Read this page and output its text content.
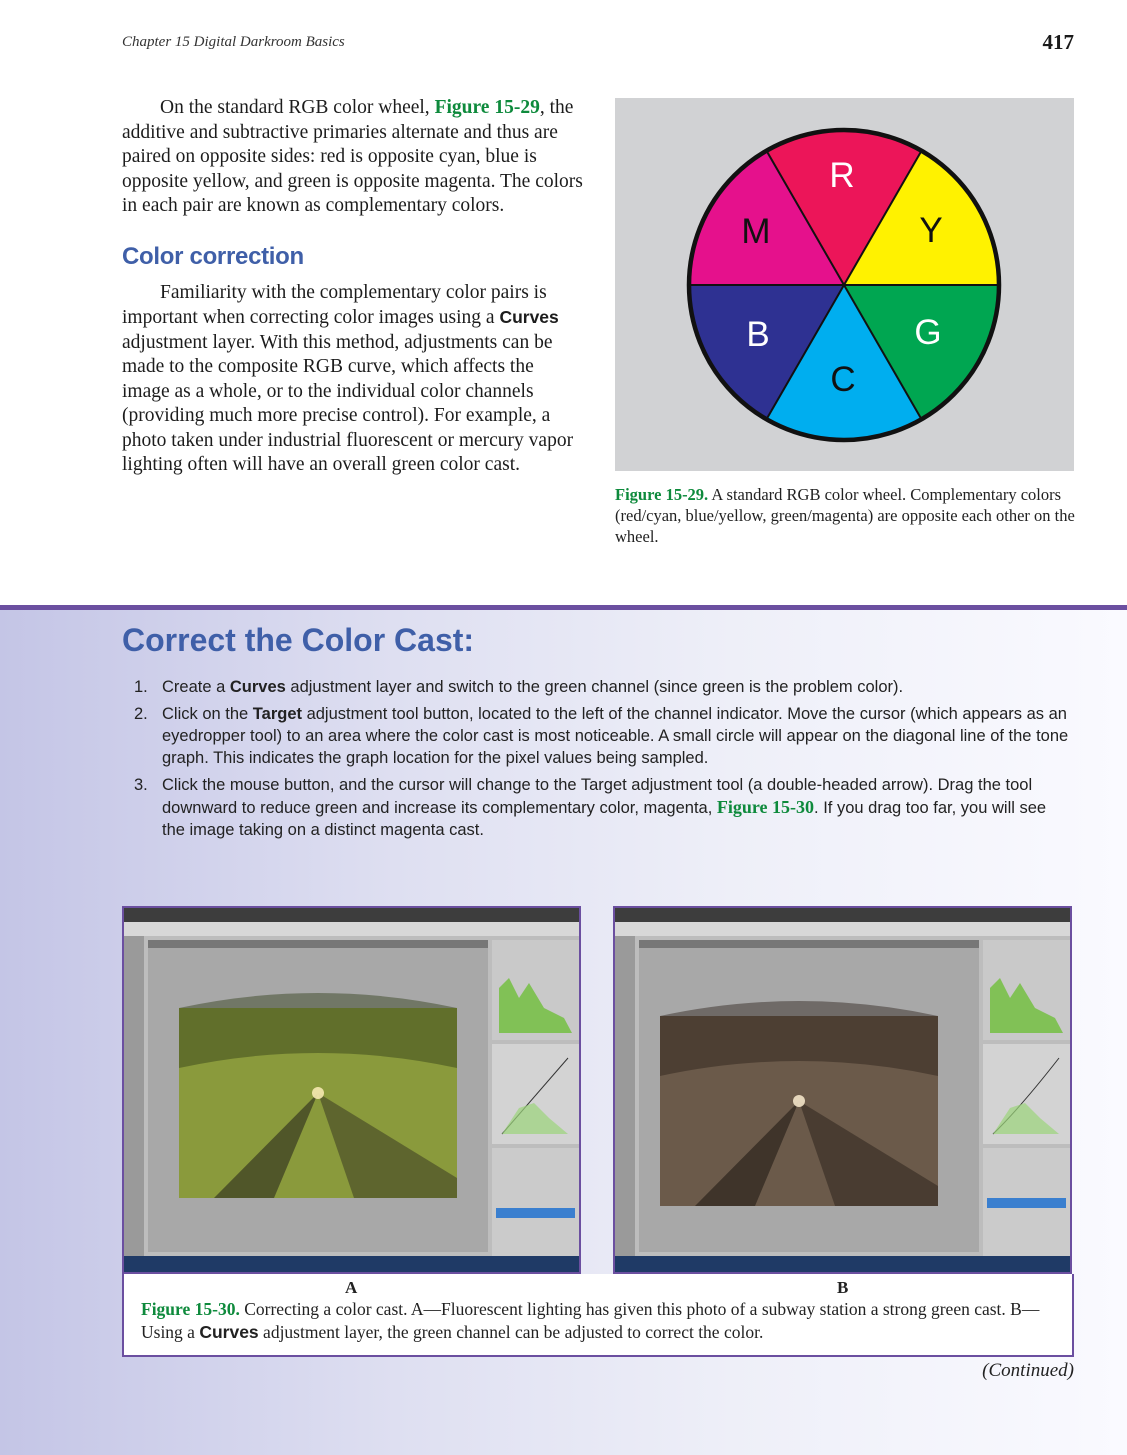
Chapter 15 Digital Darkroom Basics	417

On the standard RGB color wheel, Figure 15-29, the additive and subtractive primaries alternate and thus are paired on opposite sides: red is opposite cyan, blue is opposite yellow, and green is opposite magenta. The colors in each pair are known as complementary colors.

Color correction

Familiarity with the complementary color pairs is important when correcting color images using a Curves adjustment layer. With this method, adjustments can be made to the composite RGB curve, which affects the image as a whole, or to the individual color channels (providing much more precise control). For example, a photo taken under industrial fluorescent or mercury vapor lighting often will have an overall green color cast.

R
Y
G
C
B
M
Figure 15-29. A standard RGB color wheel. Complementary colors (red/cyan, blue/yellow, green/magenta) are opposite each other on the wheel.
Correct the Color Cast:
1. Create a Curves adjustment layer and switch to the green channel (since green is the problem color).
2. Click on the Target adjustment tool button, located to the left of the channel indicator. Move the cursor (which appears as an eyedropper tool) to an area where the color cast is most noticeable. A small circle will appear on the diagonal line of the tone graph. This indicates the graph location for the pixel values being sampled.
3. Click the mouse button, and the cursor will change to the Target adjustment tool (a double-headed arrow). Drag the tool downward to reduce green and increase its complementary color, magenta, Figure 15-30. If you drag too far, you will see the image taking on a distinct magenta cast.
A	B
Figure 15-30. Correcting a color cast. A—Fluorescent lighting has given this photo of a subway station a strong green cast. B—Using a Curves adjustment layer, the green channel can be adjusted to correct the color.
(Continued)
